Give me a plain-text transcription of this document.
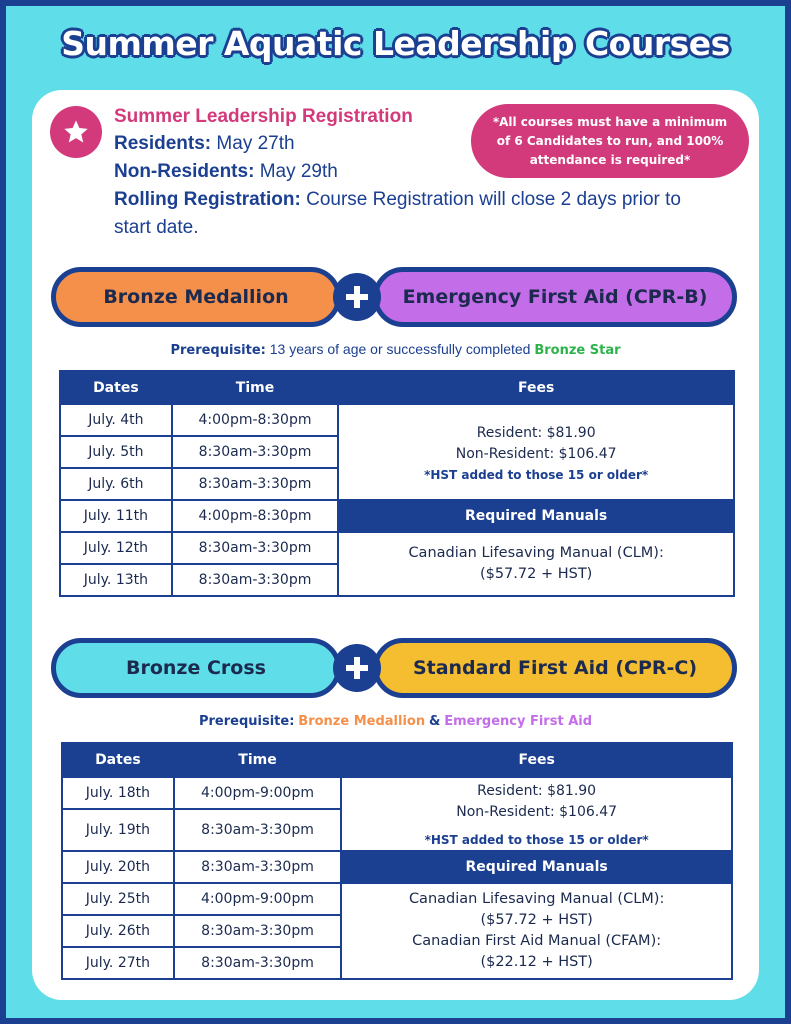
Summer Aquatic Leadership Courses
Summer Leadership Registration
Residents: May 27th
Non-Residents: May 29th
Rolling Registration: Course Registration will close 2 days prior to start date.
*All courses must have a minimum
of 6 Candidates to run, and 100%
attendance is required*
Bronze Medallion	Emergency First Aid (CPR-B)
Prerequisite: 13 years of age or successfully completed Bronze Star
Dates	Time	Fees
July. 4th	4:00pm-8:30pm	Resident: $81.90
Non-Resident: $106.47
*HST added to those 15 or older*

July. 5th	8:30am-3:30pm	
July. 6th	8:30am-3:30pm	
July. 11th	4:00pm-8:30pm	Required Manuals
July. 12th	8:30am-3:30pm	Canadian Lifesaving Manual (CLM):
($57.72 + HST)

July. 13th	8:30am-3:30pm	
Bronze Cross	Standard First Aid (CPR-C)
Prerequisite: Bronze Medallion & Emergency First Aid
Dates	Time	Fees
July. 18th	4:00pm-9:00pm	Resident: $81.90
Non-Resident: $106.47
*HST added to those 15 or older*

July. 19th	8:30am-3:30pm	
July. 20th	8:30am-3:30pm	Required Manuals
July. 25th	4:00pm-9:00pm	Canadian Lifesaving Manual (CLM):
($57.72 + HST)
Canadian First Aid Manual (CFAM):
($22.12 + HST)

July. 26th	8:30am-3:30pm	
July. 27th	8:30am-3:30pm	
